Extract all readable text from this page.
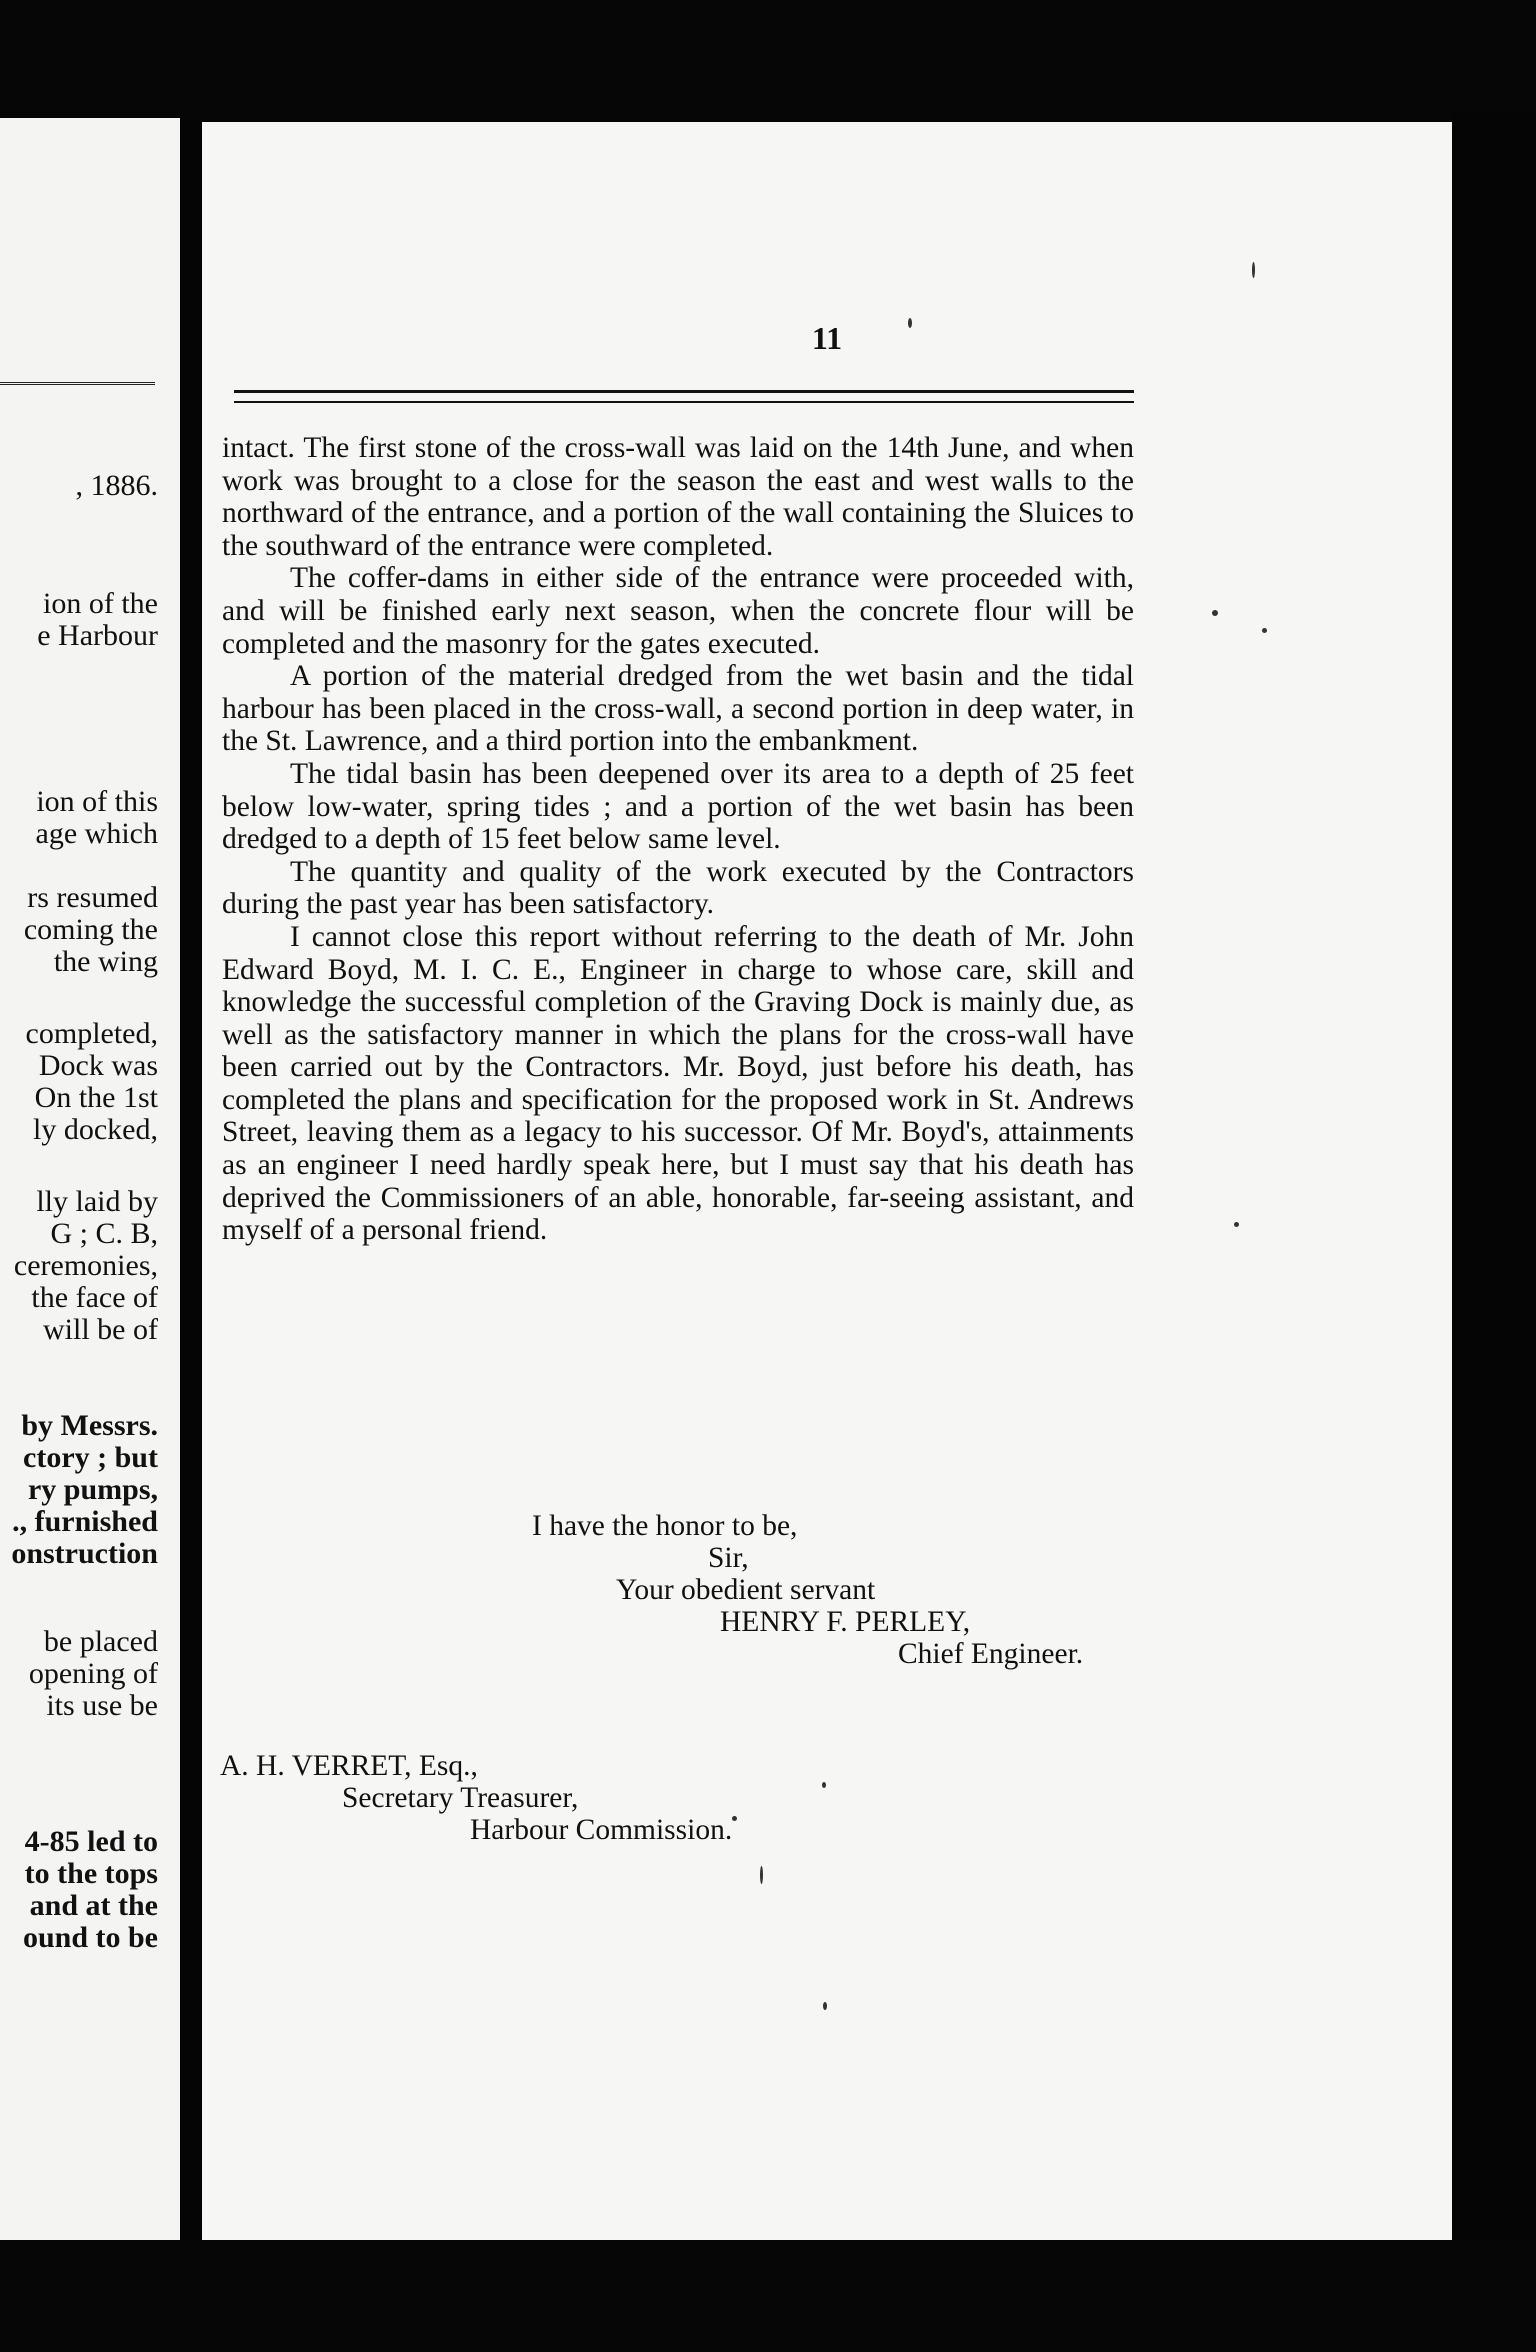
, 1886.
ion of the
e Harbour
ion of this
age which
rs resumed
coming the
the wing
completed,
Dock was
On the 1st
ly docked,
lly laid by
G ; C. B,
ceremonies,
the face of
will be of
by Messrs.
ctory ; but
ry pumps,
., furnished
onstruction
be placed
opening of
its use be
4-85 led to
to the tops
and at the
ound to be
11

intact. The first stone of the cross-wall was laid on the 14th June, and when work was brought to a close for the season the east and west walls to the northward of the entrance, and a portion of the wall containing the Sluices to the southward of the entrance were completed.

The coffer-dams in either side of the entrance were proceeded with, and will be finished early next season, when the concrete flour will be completed and the masonry for the gates executed.

A portion of the material dredged from the wet basin and the tidal harbour has been placed in the cross-wall, a second portion in deep water, in the St. Lawrence, and a third portion into the embankment.

The tidal basin has been deepened over its area to a depth of 25 feet below low-water, spring tides ; and a portion of the wet basin has been dredged to a depth of 15 feet below same level.

The quantity and quality of the work executed by the Contractors during the past year has been satisfactory.

I cannot close this report without referring to the death of Mr. John Edward Boyd, M. I. C. E., Engineer in charge to whose care, skill and knowledge the successful completion of the Graving Dock is mainly due, as well as the satisfactory manner in which the plans for the cross-wall have been carried out by the Contractors. Mr. Boyd, just before his death, has completed the plans and specification for the proposed work in St. Andrews Street, leaving them as a legacy to his successor. Of Mr. Boyd's, attainments as an engineer I need hardly speak here, but I must say that his death has deprived the Commissioners of an able, honorable, far-seeing assistant, and myself of a personal friend.

I have the honor to be,
Sir,
Your obedient servant
HENRY F. PERLEY,
Chief Engineer.
A. H. VERRET, Esq.,
Secretary Treasurer,
Harbour Commission.
